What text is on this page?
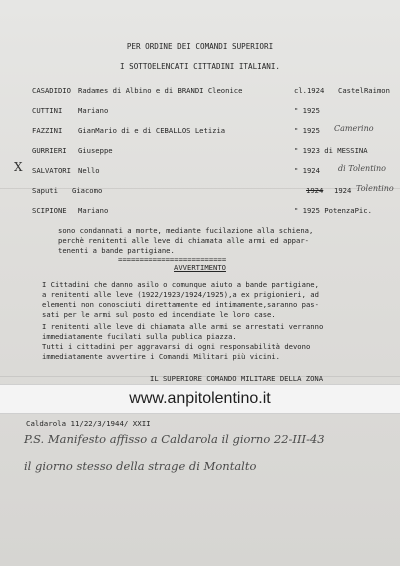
PER ORDINE DEI COMANDI SUPERIORI
I SOTTOELENCATI CITTADINI ITALIANI.
CASADIDIO Radames di Albino e di BRANDI Cleonice	cl.1924 CastelRaimon
CUTTINI Mariano	" 1925
FAZZINI GianMario di e di CEBALLOS Letizia	" 1925 Camerino
GURRIERI Giuseppe	" 1923 di MESSINA
X SALVATORI Nello	" 1924 di Tolentino
Saputi Giacomo	1924 1924 Tolentino
SCIPIONE Mariano	" 1925 PotenzaPic.
sono condannati a morte, mediante fucilazione alla schiena,
perchè renitenti alle leve di chiamata alle armi ed appar-
tenenti a bande partigiane.
=========================
AVVERTIMENTO
I Cittadini che danno asilo o comunque aiuto a bande partigiane,
a renitenti alle leve (1922/1923/1924/1925),a ex prigionieri, ad
elementi non conosciuti direttamente ed intimamente,saranno pas-
sati per le armi sul posto ed incendiate le loro case.
I renitenti alle leve di chiamata alle armi se arrestati verranno
immediatamente fucilati sulla publica piazza.
Tutti i cittadini per aggravarsi di ogni responsabilità devono
immediatamente avvertire i Comandi Militari più vicini.
IL SUPERIORE COMANDO MILITARE DELLA ZONA
www.anpitolentino.it
Caldarola 11/22/3/1944/ XXII
P.S. Manifesto affisso a Caldarola il giorno 22-III-43
il giorno stesso della strage di Montalto
